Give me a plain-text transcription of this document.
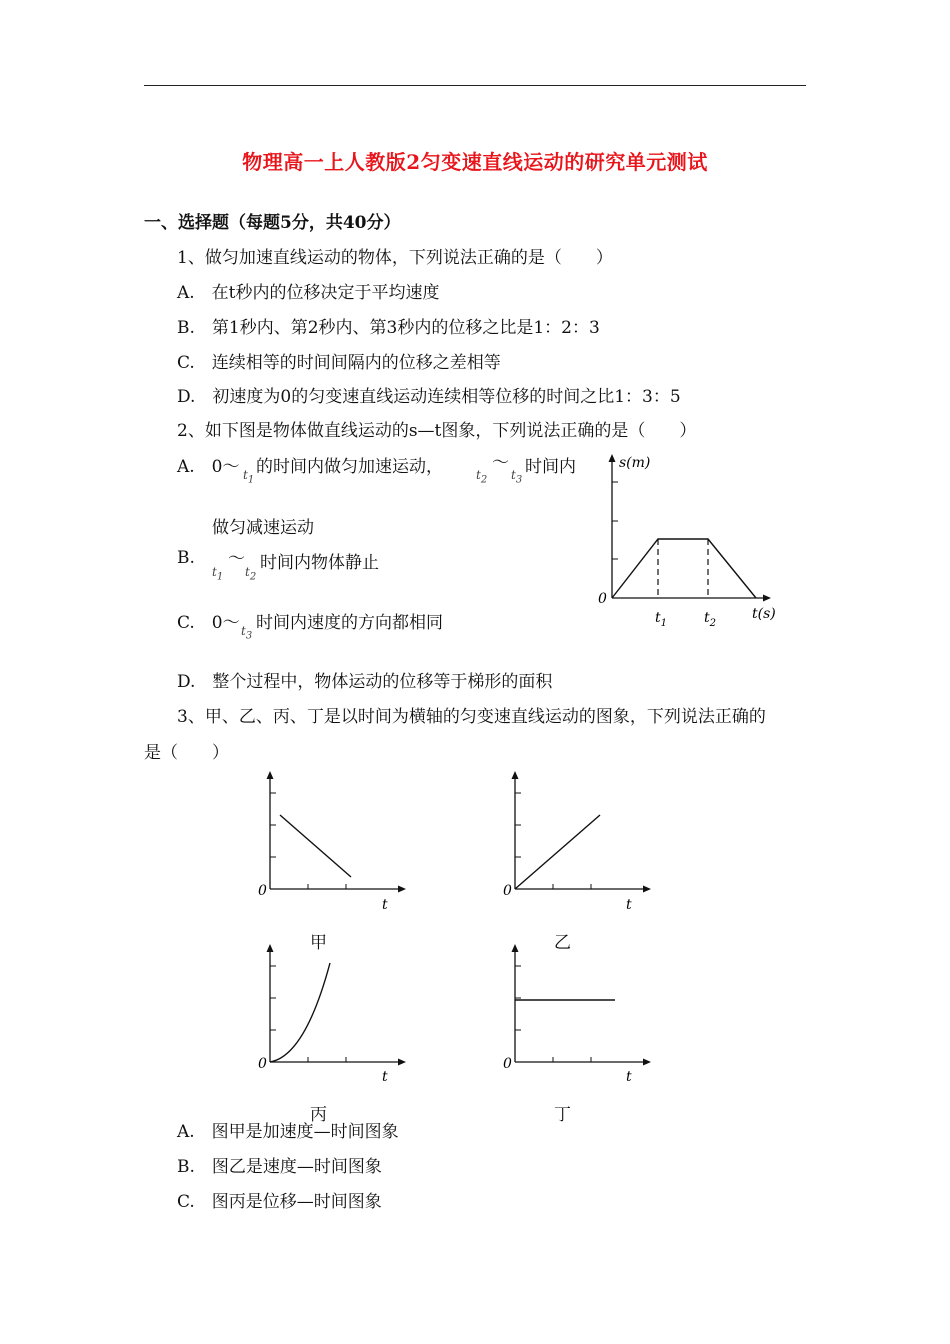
物理高一上人教版2匀变速直线运动的研究单元测试
一、选择题（每题5分，共40分）
1、做匀加速直线运动的物体，下列说法正确的是（　　）
A.　在t秒内的位移决定于平均速度
B.　第1秒内、第2秒内、第3秒内的位移之比是1：2：3
C.　连续相等的时间间隔内的位移之差相等
D.　初速度为0的匀变速直线运动连续相等位移的时间之比1：3：5
2、如下图是物体做直线运动的s—t图象，下列说法正确的是（　　）
A.　0～ $t_1$
的时间内做匀加速运动，	$t_2$
～
$t_3$
时间内
做匀减速运动
B.
$t_1$
～
$t_2$
时间内物体静止
C.　0～ $t_3$
时间内速度的方向都相同
D.　整个过程中，物体运动的位移等于梯形的面积
s(m)
0
t(s)
$t_1$	$t_2$
3、甲、乙、丙、丁是以时间为横轴的匀变速直线运动的图象，下列说法正确的
是（　　）
0
t
甲
0
t
乙
0
t
丙
0
t
丁
A.　图甲是加速度—时间图象
B.　图乙是速度—时间图象
C.　图丙是位移—时间图象
